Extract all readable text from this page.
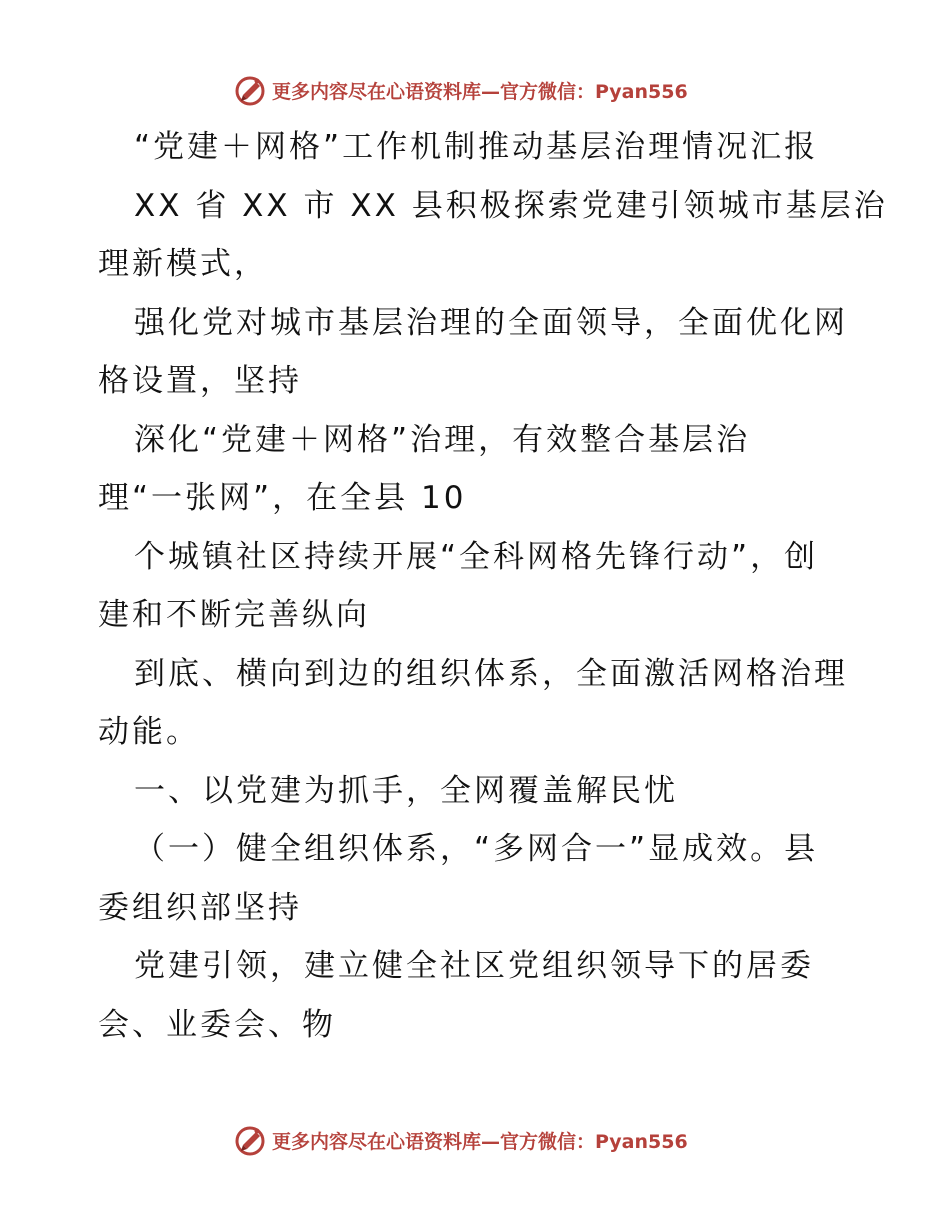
更多内容尽在心语资料库—官方微信：Pyan556
“党建＋网格”工作机制推动基层治理情况汇报
XX 省 XX 市 XX 县积极探索党建引领城市基层治
理新模式，
强化党对城市基层治理的全面领导，全面优化网
格设置，坚持
深化“党建＋网格”治理，有效整合基层治
理“一张网”，在全县 10
个城镇社区持续开展“全科网格先锋行动”，创
建和不断完善纵向
到底、横向到边的组织体系，全面激活网格治理
动能。
一、以党建为抓手，全网覆盖解民忧
（一）健全组织体系，“多网合一”显成效。县
委组织部坚持
党建引领，建立健全社区党组织领导下的居委
会、业委会、物
更多内容尽在心语资料库—官方微信：Pyan556
